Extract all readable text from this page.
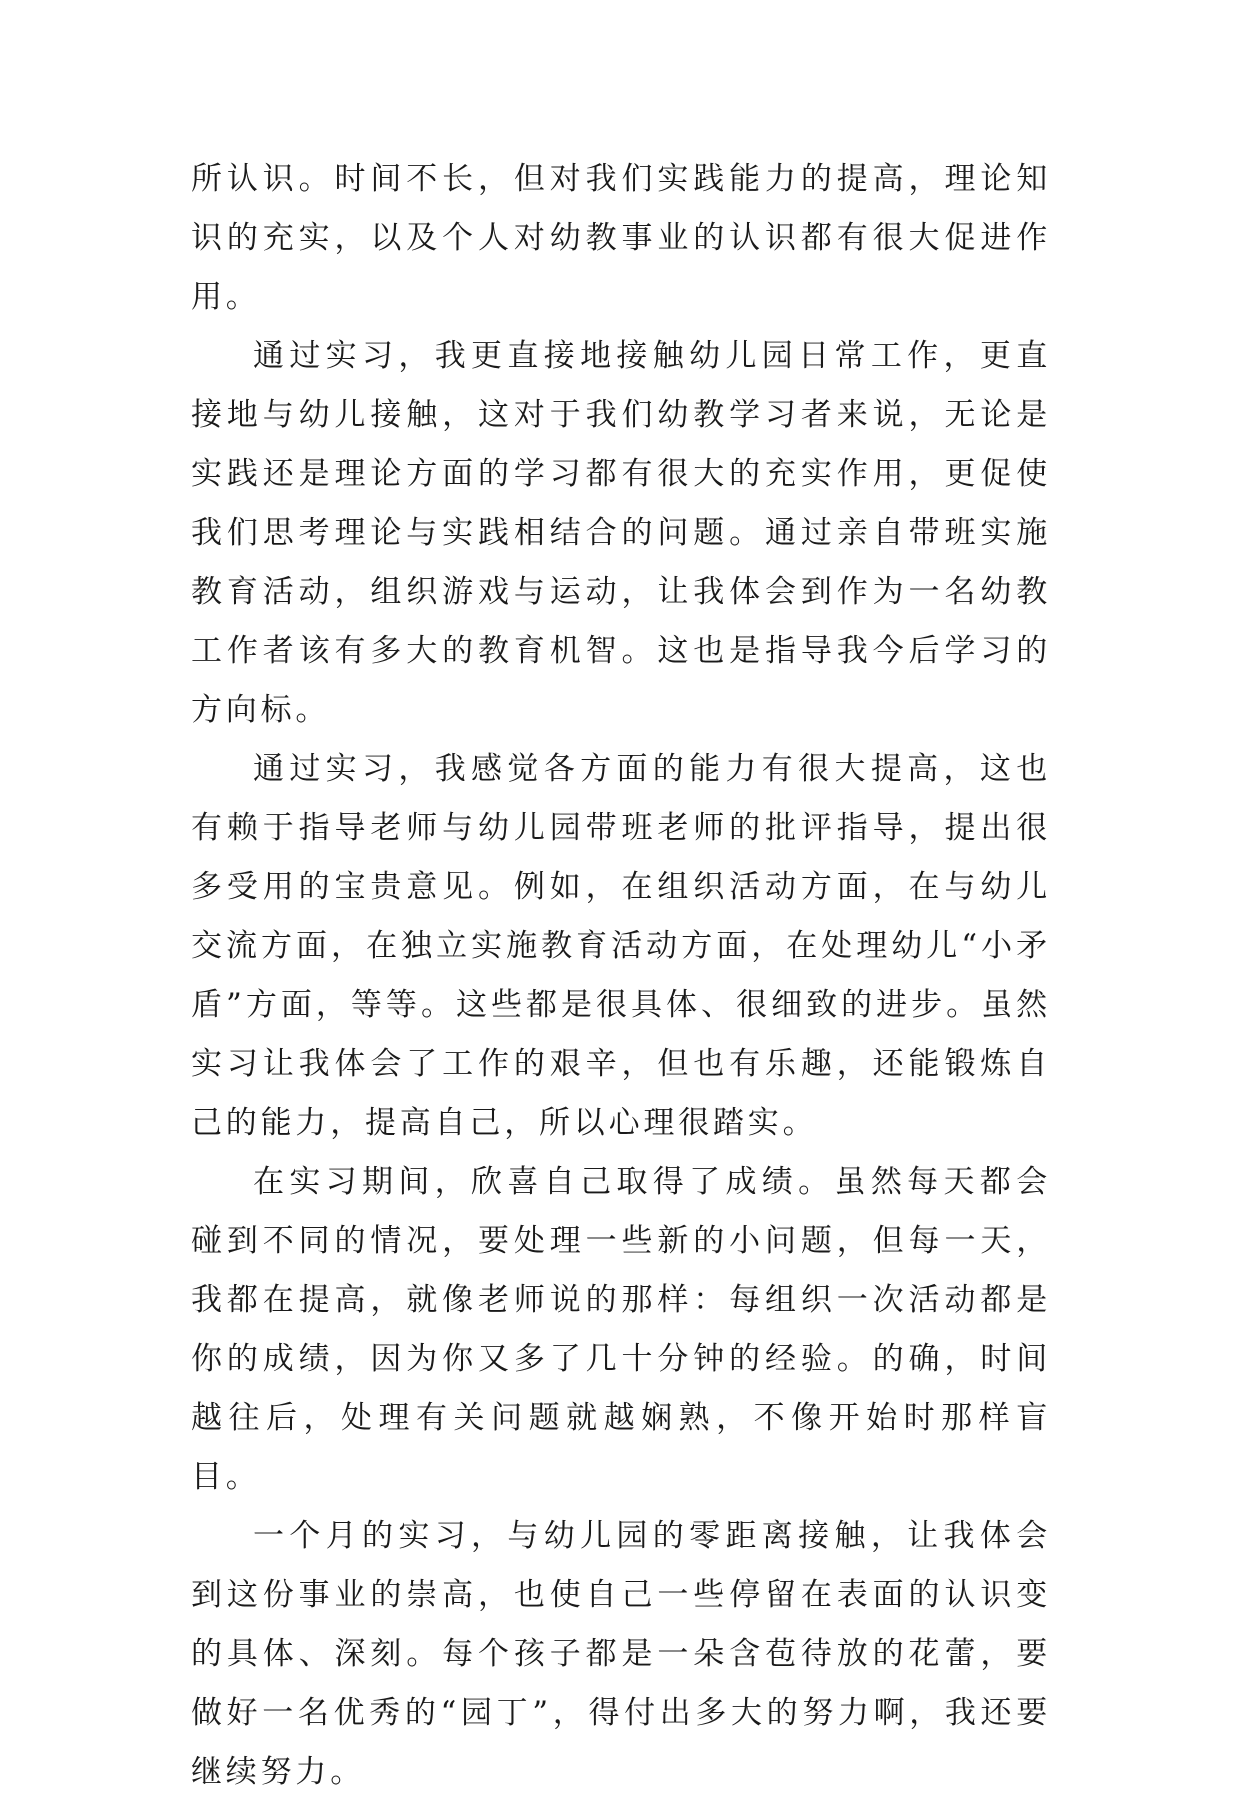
所认识。时间不长，但对我们实践能力的提高，理论知识的充实，以及个人对幼教事业的认识都有很大促进作用。

通过实习，我更直接地接触幼儿园日常工作，更直接地与幼儿接触，这对于我们幼教学习者来说，无论是实践还是理论方面的学习都有很大的充实作用，更促使我们思考理论与实践相结合的问题。通过亲自带班实施教育活动，组织游戏与运动，让我体会到作为一名幼教工作者该有多大的教育机智。这也是指导我今后学习的方向标。

通过实习，我感觉各方面的能力有很大提高，这也有赖于指导老师与幼儿园带班老师的批评指导，提出很多受用的宝贵意见。例如，在组织活动方面，在与幼儿交流方面，在独立实施教育活动方面，在处理幼儿“小矛盾”方面，等等。这些都是很具体、很细致的进步。虽然实习让我体会了工作的艰辛，但也有乐趣，还能锻炼自己的能力，提高自己，所以心理很踏实。

在实习期间，欣喜自己取得了成绩。虽然每天都会碰到不同的情况，要处理一些新的小问题，但每一天，我都在提高，就像老师说的那样：每组织一次活动都是你的成绩，因为你又多了几十分钟的经验。的确，时间越往后，处理有关问题就越娴熟，不像开始时那样盲目。

一个月的实习，与幼儿园的零距离接触，让我体会到这份事业的崇高，也使自己一些停留在表面的认识变的具体、深刻。每个孩子都是一朵含苞待放的花蕾，要做好一名优秀的“园丁”，得付出多大的努力啊，我还要继续努力。
